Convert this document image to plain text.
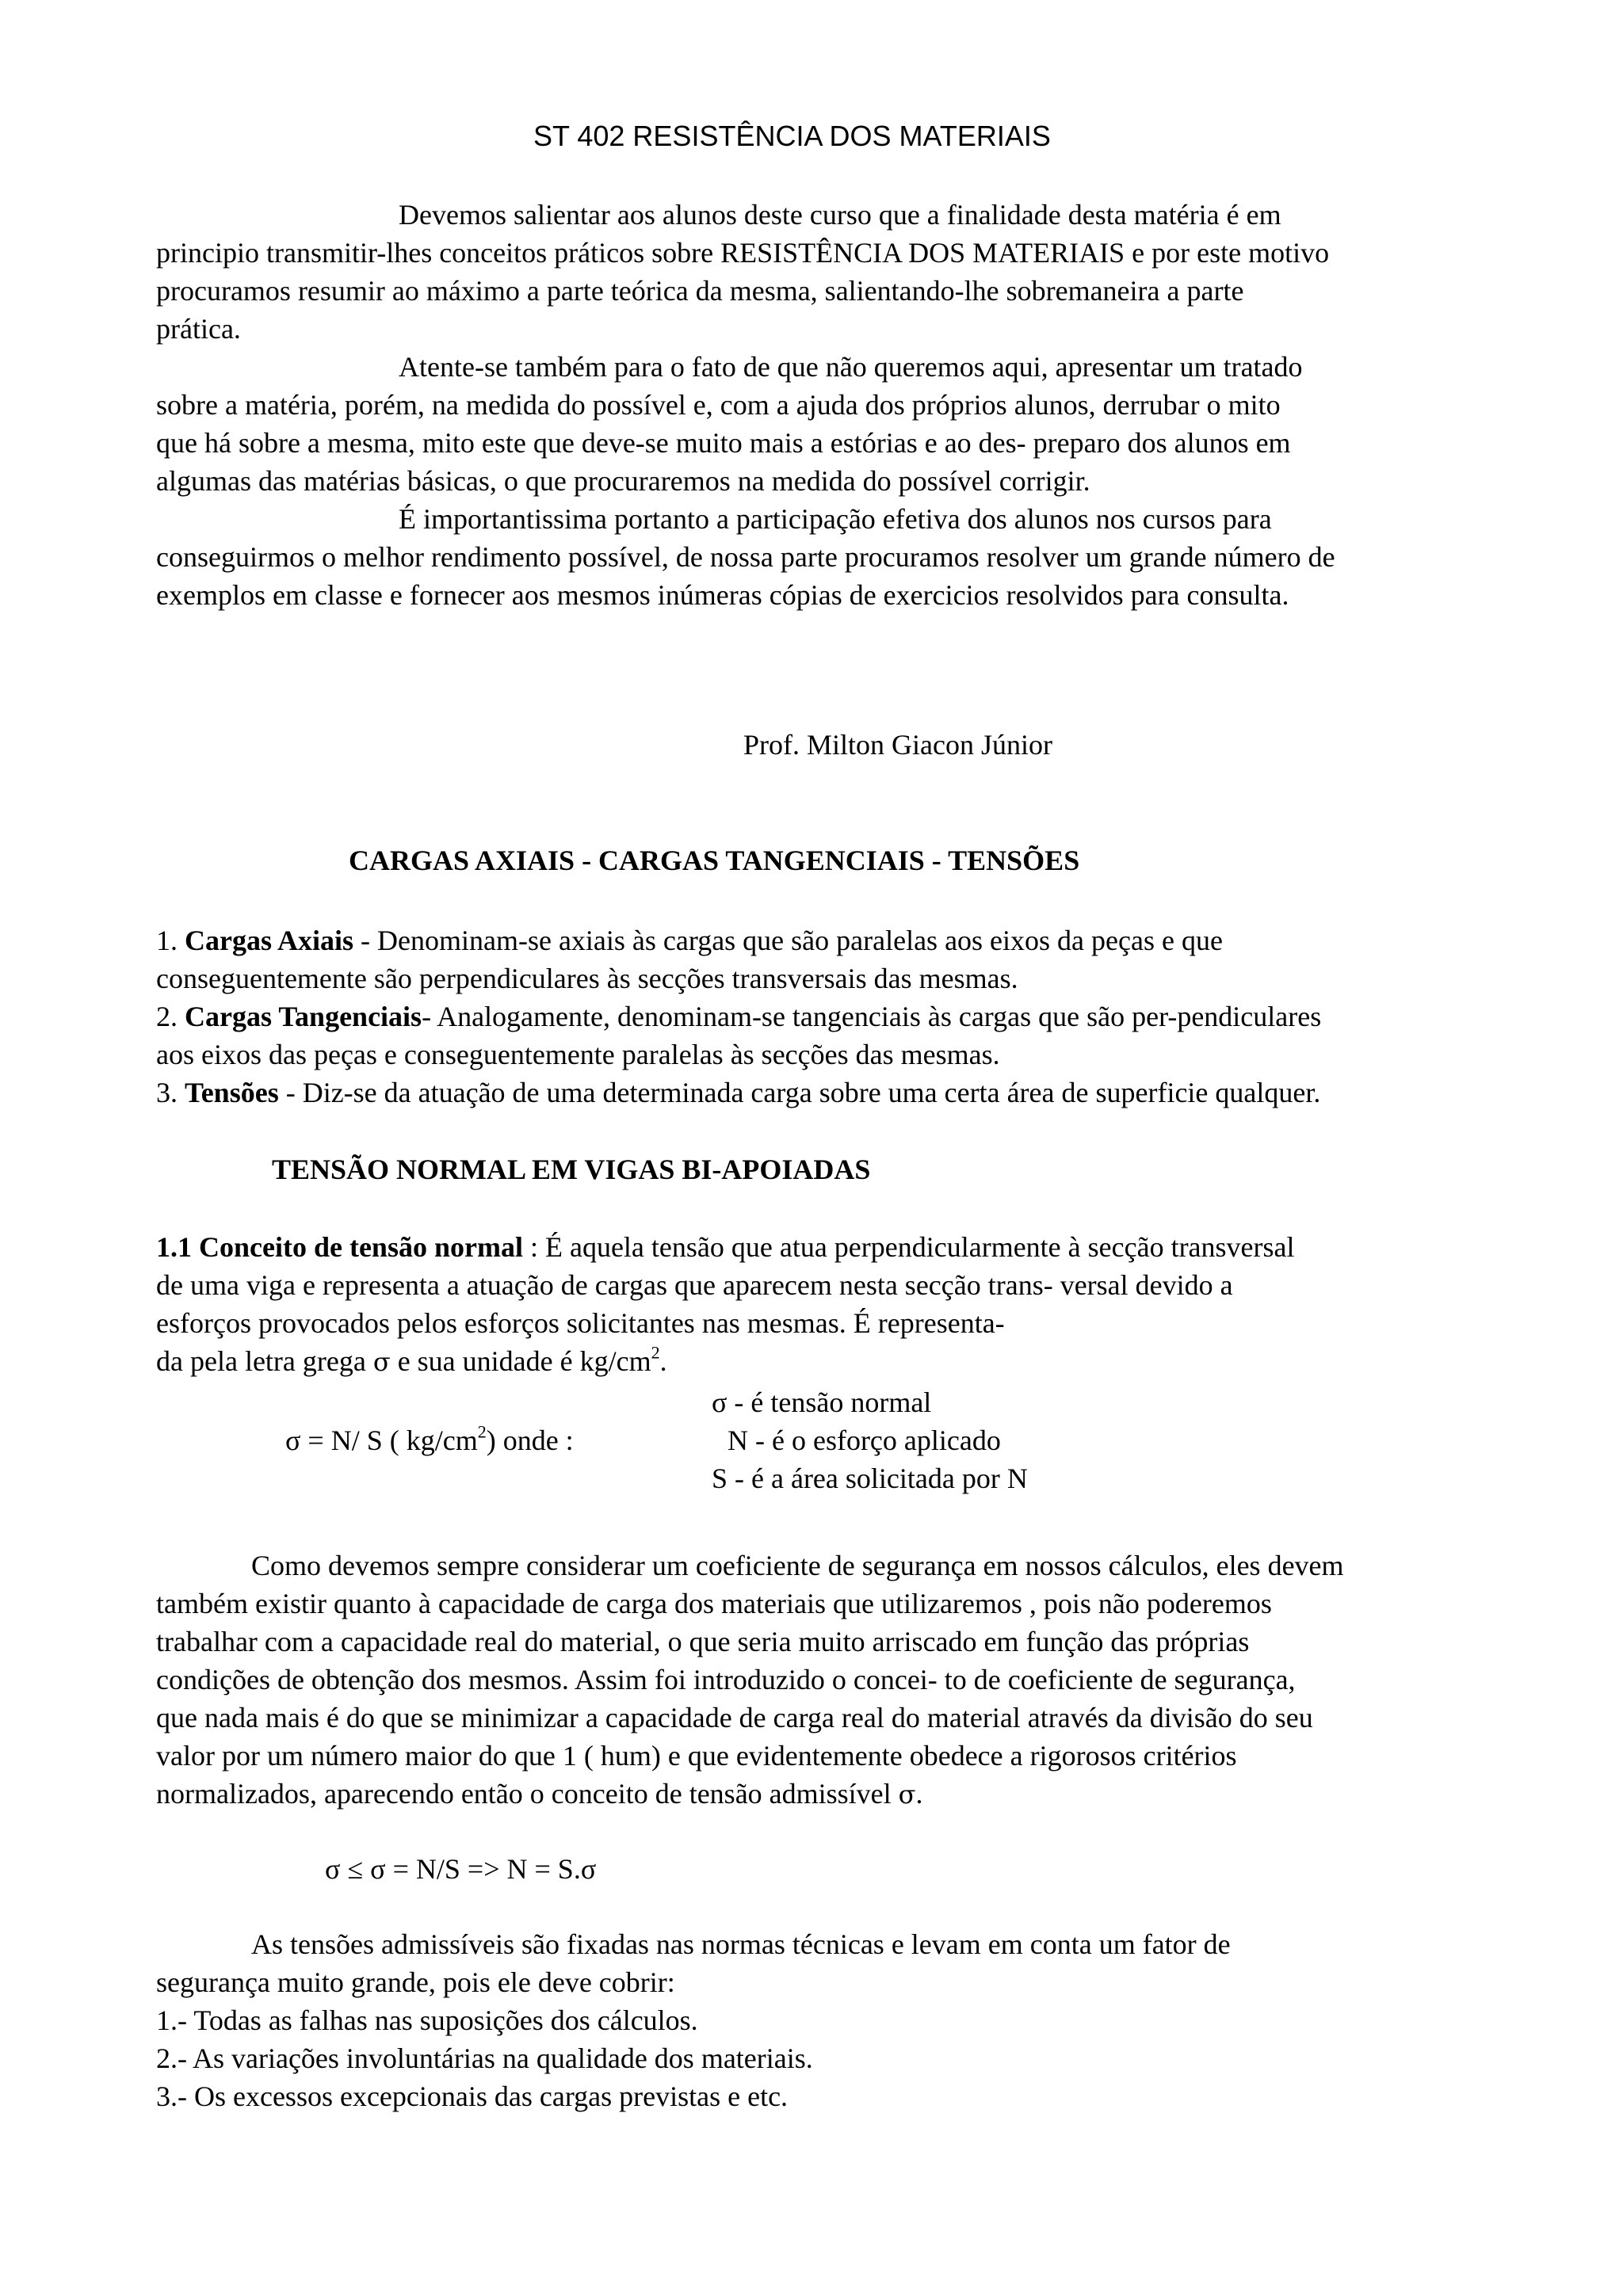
ST 402 RESISTÊNCIA DOS MATERIAIS

Devemos salientar aos alunos deste curso que a finalidade desta matéria é em

principio transmitir-lhes conceitos práticos sobre RESISTÊNCIA DOS MATERIAIS e por este motivo

procuramos resumir ao máximo a parte teórica da mesma, salientando-lhe sobremaneira a parte

prática.

Atente-se também para o fato de que não queremos aqui, apresentar um tratado

sobre a matéria, porém, na medida do possível e, com a ajuda dos próprios alunos, derrubar o mito

que há sobre a mesma, mito este que deve-se muito mais a estórias e ao des- preparo dos alunos em

algumas das matérias básicas, o que procuraremos na medida do possível corrigir.

É importantissima portanto a participação efetiva dos alunos nos cursos para

conseguirmos o melhor rendimento possível, de nossa parte procuramos resolver um grande número de

exemplos em classe e fornecer aos mesmos inúmeras cópias de exercicios resolvidos para consulta.

Prof. Milton Giacon Júnior
CARGAS AXIAIS - CARGAS TANGENCIAIS - TENSÕES

1. Cargas Axiais - Denominam-se axiais às cargas que são paralelas aos eixos da peças e que

conseguentemente são perpendiculares às secções transversais das mesmas.

2. Cargas Tangenciais- Analogamente, denominam-se tangenciais às cargas que são per-pendiculares

aos eixos das peças e conseguentemente paralelas às secções das mesmas.

3. Tensões - Diz-se da atuação de uma determinada carga sobre uma certa área de superficie qualquer.

TENSÃO NORMAL EM VIGAS BI-APOIADAS

1.1 Conceito de tensão normal : É aquela tensão que atua perpendicularmente à secção transversal

de uma viga e representa a atuação de cargas que aparecem nesta secção trans- versal devido a

esforços provocados pelos esforços solicitantes nas mesmas. É representa-

da pela letra grega σ e sua unidade é $kg/cm^2$.

σ - é tensão normal
σ = N/ S ( $kg/cm^2$) onde :	N - é o esforço aplicado
S - é a área solicitada por N

Como devemos sempre considerar um coeficiente de segurança em nossos cálculos, eles devem

também existir quanto à capacidade de carga dos materiais que utilizaremos , pois não poderemos

trabalhar com a capacidade real do material, o que seria muito arriscado em função das próprias

condições de obtenção dos mesmos. Assim foi introduzido o concei- to de coeficiente de segurança,

que nada mais é do que se minimizar a capacidade de carga real do material através da divisão do seu

valor por um número maior do que 1 ( hum) e que evidentemente obedece a rigorosos critérios

normalizados, aparecendo então o conceito de tensão admissível σ.

σ ≤ σ = N/S => N = S.σ

As tensões admissíveis são fixadas nas normas técnicas e levam em conta um fator de

segurança muito grande, pois ele deve cobrir:

1.- Todas as falhas nas suposições dos cálculos.

2.- As variações involuntárias na qualidade dos materiais.

3.- Os excessos excepcionais das cargas previstas e etc.
